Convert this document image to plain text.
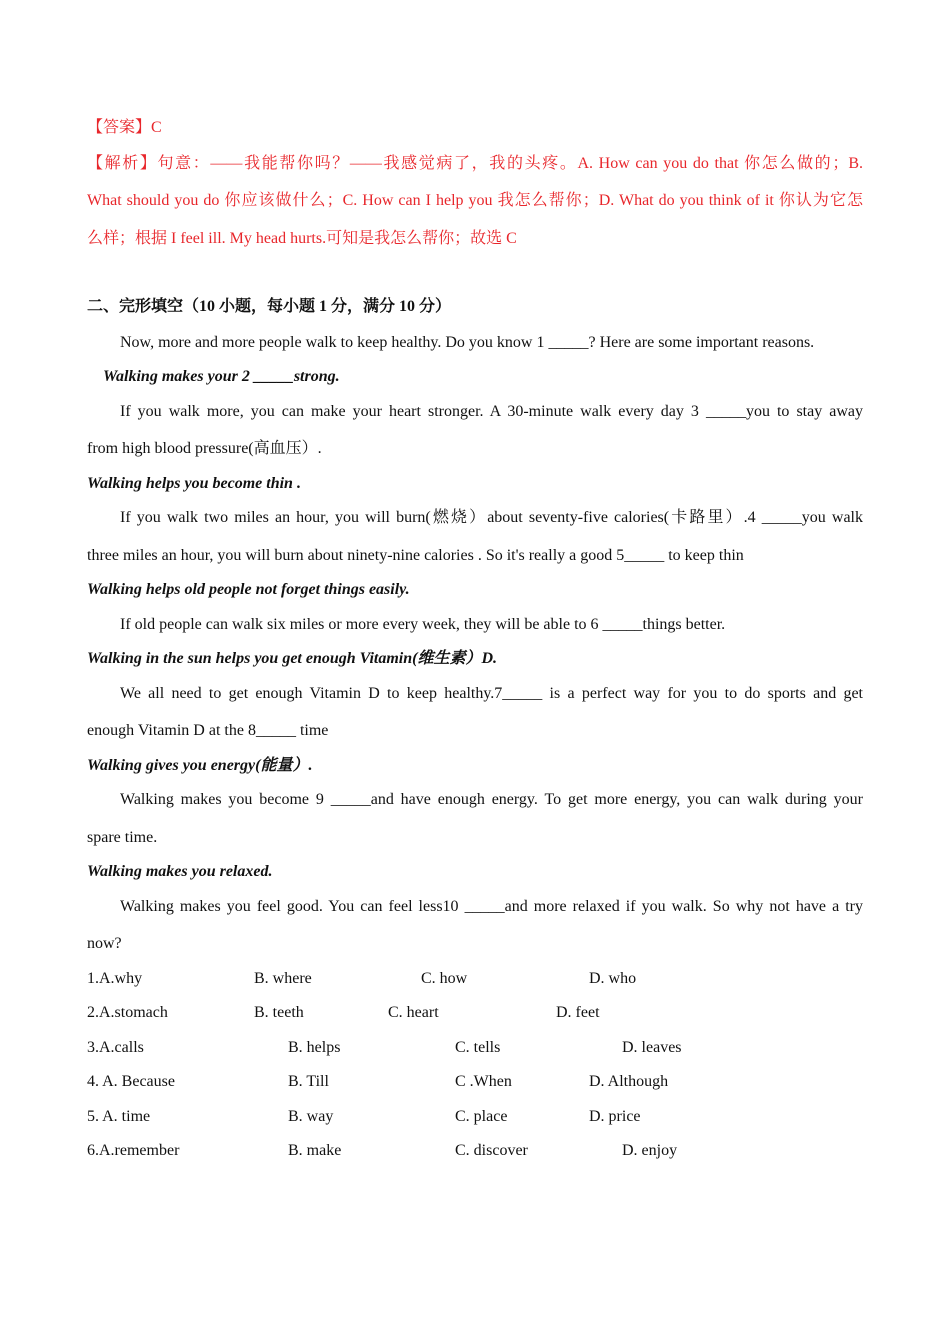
【答案】C
【解析】句意：——我能帮你吗？——我感觉病了，我的头疼。A. How can you do that 你怎么做的；B.
What should you do 你应该做什么；C. How can I help you 我怎么帮你；D. What do you think of it 你认为它怎
么样；根据 I feel ill. My head hurts.可知是我怎么帮你；故选 C
二、完形填空（10 小题，每小题 1 分，满分 10 分）
Now, more and more people walk to keep healthy. Do you know 1 _____? Here are some important reasons.
Walking makes your 2 _____strong.
If you walk more, you can make your heart stronger. A 30-minute walk every day 3 _____you to stay away
from high blood pressure(高血压）.
Walking helps you become thin .
If you walk two miles an hour, you will burn(燃烧）about seventy-five calories(卡路里）.4 _____you walk
three miles an hour, you will burn about ninety-nine calories . So it's really a good 5_____ to keep thin
Walking helps old people not forget things easily.
If old people can walk six miles or more every week, they will be able to 6 _____things better.
Walking in the sun helps you get enough Vitamin(维生素）D.
We all need to get enough Vitamin D to keep healthy.7_____ is a perfect way for you to do sports and get
enough Vitamin D at the 8_____ time
Walking gives you energy(能量）.
Walking makes you become 9 _____and have enough energy. To get more energy, you can walk during your
spare time.
Walking makes you relaxed.
Walking makes you feel good. You can feel less10 _____and more relaxed if you walk. So why not have a try
now?
1.A.why	B. where	C. how	D. who
2.A.stomach	B. teeth	C. heart	D. feet
3.A.calls	B. helps	C. tells	D. leaves
4. A. Because	B. Till	C .When	D. Although
5. A. time	B. way	C. place	D. price
6.A.remember	B. make	C. discover	D. enjoy
